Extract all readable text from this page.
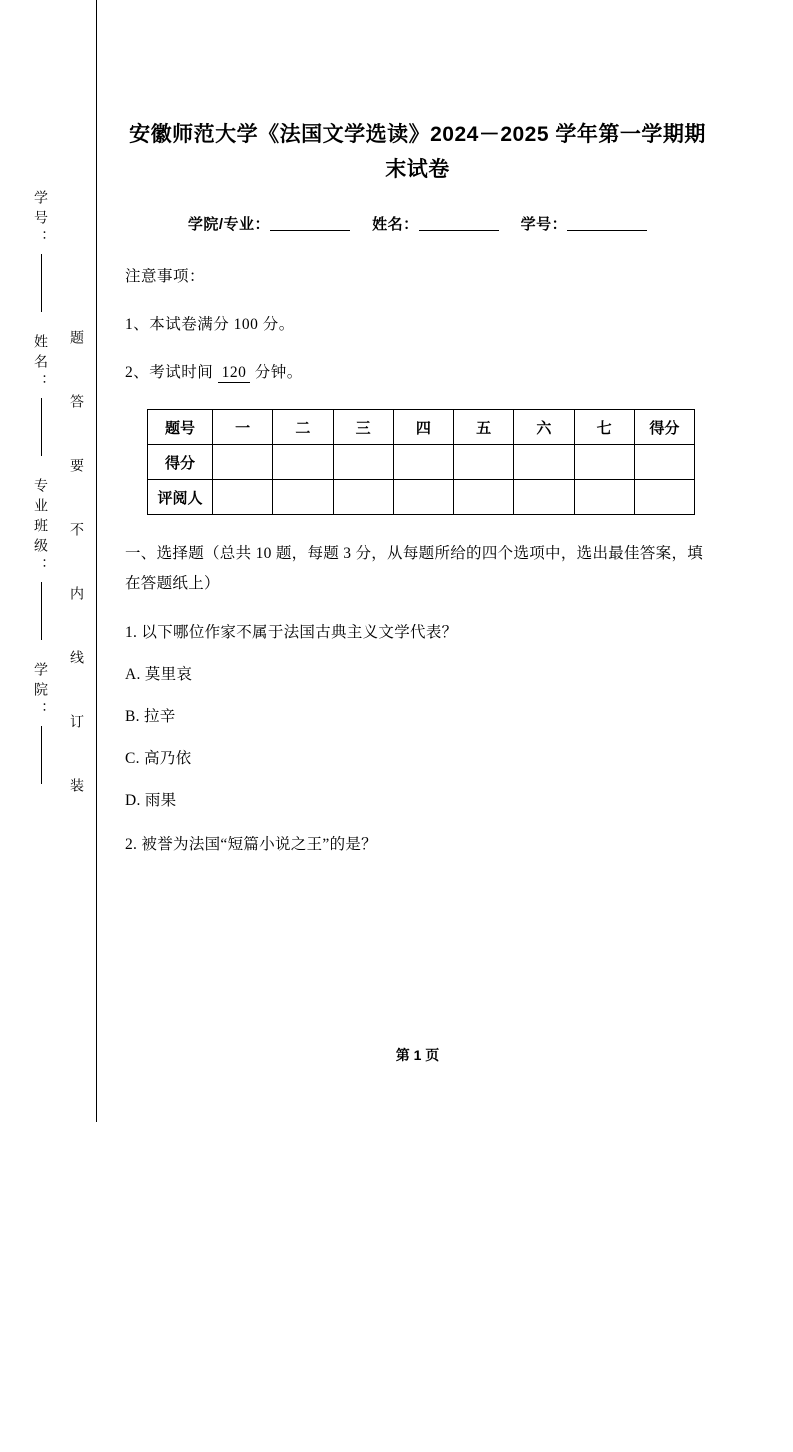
学号：
姓名：
专业班级：
学院：
题
答
要
不
内
线
订
装
安徽师范大学《法国文学选读》2024－2025 学年第一学期期末试卷
学院/专业：	姓名：	学号：
注意事项：
1、本试卷满分 100 分。
2、考试时间 120 分钟。
题号	一	二	三	四	五	六	七	得分
得分								
评阅人								
一、选择题（总共 10 题，每题 3 分，从每题所给的四个选项中，选出最佳答案，填在答题纸上）
1. 以下哪位作家不属于法国古典主义文学代表？
A. 莫里哀
B. 拉辛
C. 高乃依
D. 雨果
2. 被誉为法国“短篇小说之王”的是？
第 1 页
